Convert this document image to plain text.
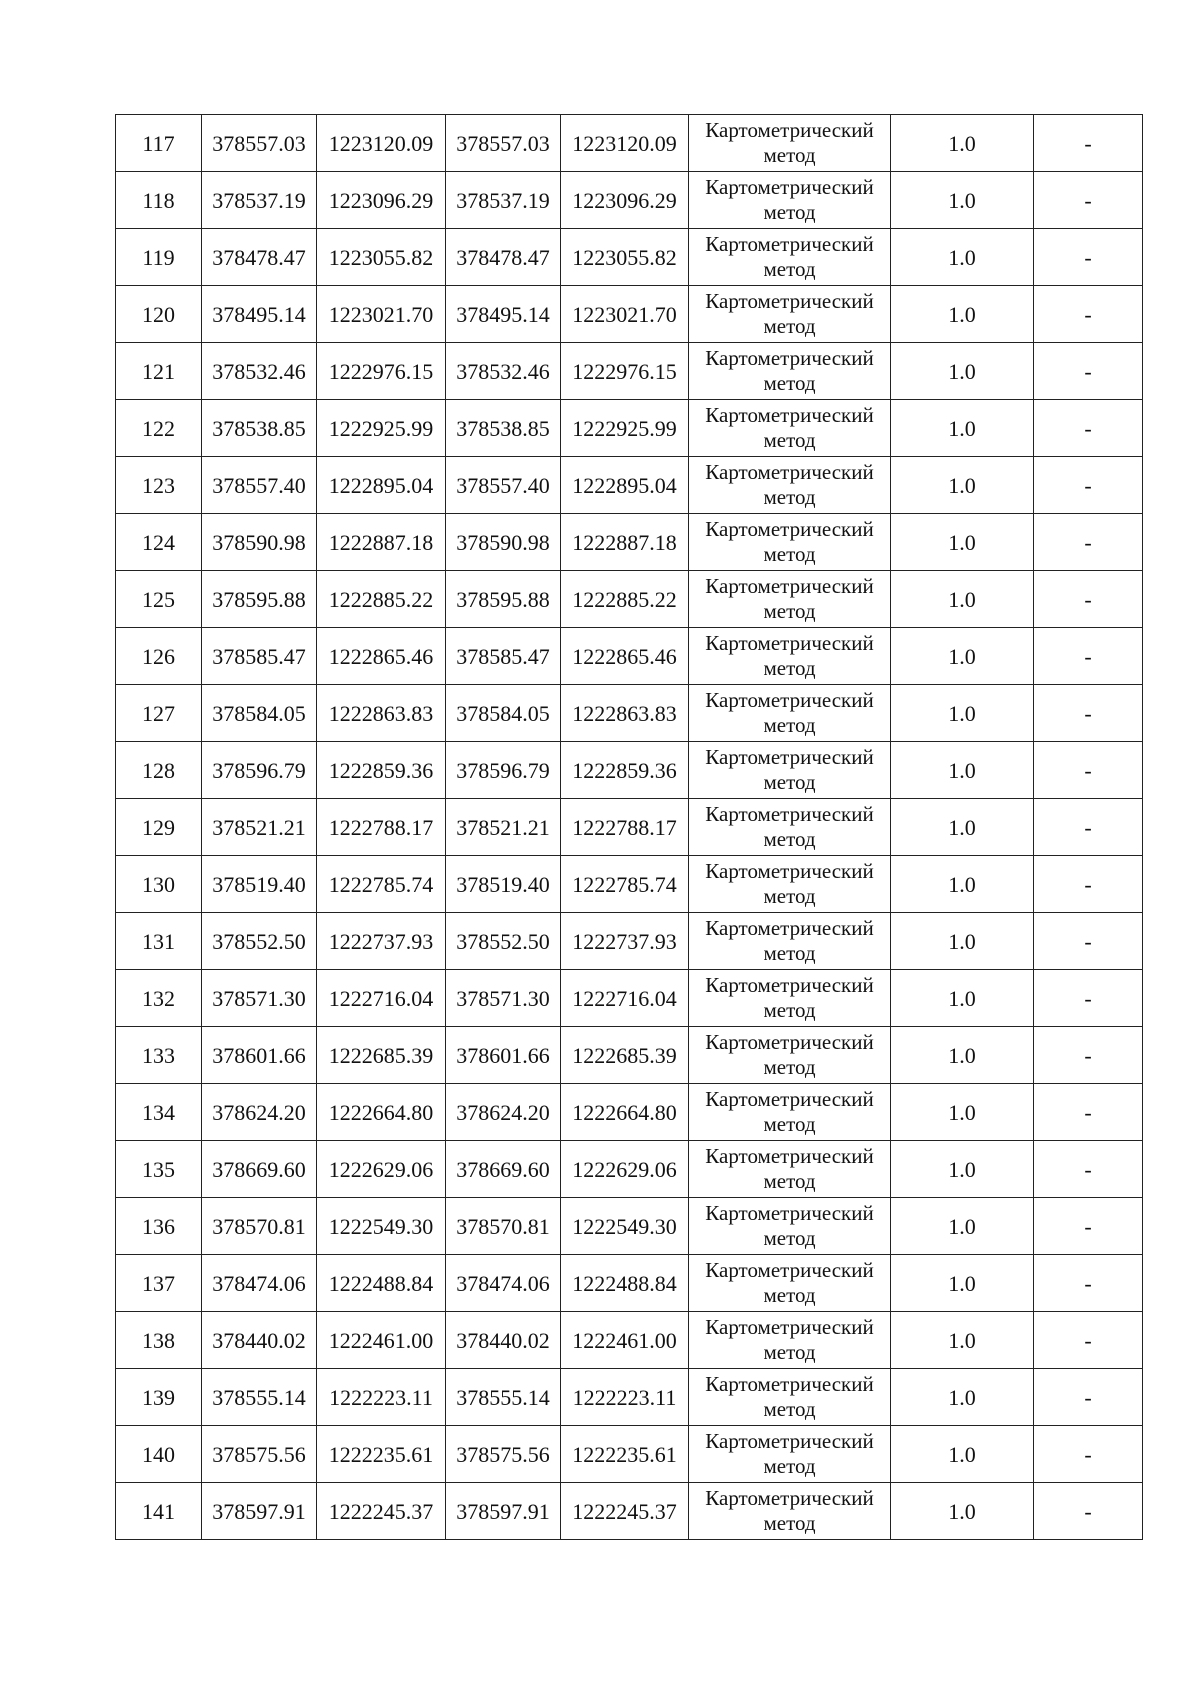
117	378557.03	1223120.09	378557.03	1223120.09	Картометрический
метод	1.0	-
118	378537.19	1223096.29	378537.19	1223096.29	Картометрический
метод	1.0	-
119	378478.47	1223055.82	378478.47	1223055.82	Картометрический
метод	1.0	-
120	378495.14	1223021.70	378495.14	1223021.70	Картометрический
метод	1.0	-
121	378532.46	1222976.15	378532.46	1222976.15	Картометрический
метод	1.0	-
122	378538.85	1222925.99	378538.85	1222925.99	Картометрический
метод	1.0	-
123	378557.40	1222895.04	378557.40	1222895.04	Картометрический
метод	1.0	-
124	378590.98	1222887.18	378590.98	1222887.18	Картометрический
метод	1.0	-
125	378595.88	1222885.22	378595.88	1222885.22	Картометрический
метод	1.0	-
126	378585.47	1222865.46	378585.47	1222865.46	Картометрический
метод	1.0	-
127	378584.05	1222863.83	378584.05	1222863.83	Картометрический
метод	1.0	-
128	378596.79	1222859.36	378596.79	1222859.36	Картометрический
метод	1.0	-
129	378521.21	1222788.17	378521.21	1222788.17	Картометрический
метод	1.0	-
130	378519.40	1222785.74	378519.40	1222785.74	Картометрический
метод	1.0	-
131	378552.50	1222737.93	378552.50	1222737.93	Картометрический
метод	1.0	-
132	378571.30	1222716.04	378571.30	1222716.04	Картометрический
метод	1.0	-
133	378601.66	1222685.39	378601.66	1222685.39	Картометрический
метод	1.0	-
134	378624.20	1222664.80	378624.20	1222664.80	Картометрический
метод	1.0	-
135	378669.60	1222629.06	378669.60	1222629.06	Картометрический
метод	1.0	-
136	378570.81	1222549.30	378570.81	1222549.30	Картометрический
метод	1.0	-
137	378474.06	1222488.84	378474.06	1222488.84	Картометрический
метод	1.0	-
138	378440.02	1222461.00	378440.02	1222461.00	Картометрический
метод	1.0	-
139	378555.14	1222223.11	378555.14	1222223.11	Картометрический
метод	1.0	-
140	378575.56	1222235.61	378575.56	1222235.61	Картометрический
метод	1.0	-
141	378597.91	1222245.37	378597.91	1222245.37	Картометрический
метод	1.0	-
